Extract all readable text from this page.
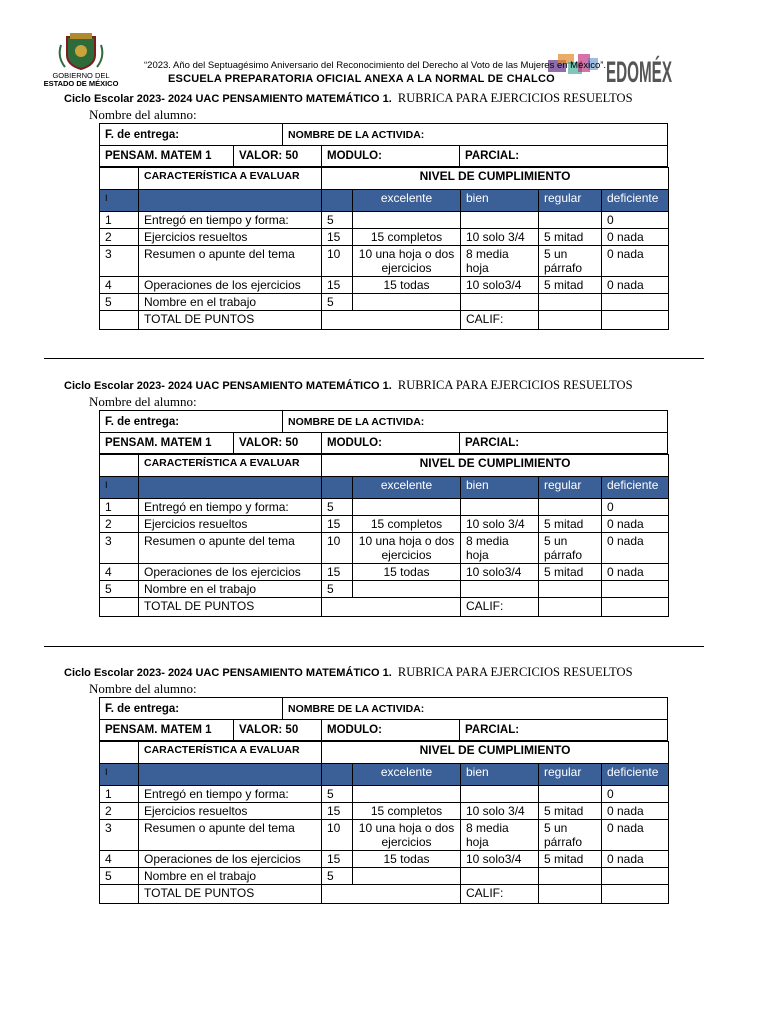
GOBIERNO DEL
ESTADO DE MÉXICO	EDOMÉX
“2023. Año del Septuagésimo Aniversario del Reconocimiento del Derecho al Voto de las Mujeres en México”.
ESCUELA PREPARATORIA OFICIAL ANEXA A LA NORMAL DE CHALCO
Ciclo Escolar 2023- 2024 UAC PENSAMIENTO MATEMÁTICO 1. RUBRICA PARA EJERCICIOS RESUELTOS
Nombre del alumno:
F. de entrega:	NOMBRE DE LA ACTIVIDA:
PENSAM. MATEM 1	VALOR: 50	MODULO:	PARCIAL:
	CARACTERÍSTICA A EVALUAR	NIVEL DE CUMPLIMIENTO				
I			excelente	bien	regular	deficiente
1	Entregó en tiempo y forma:	5				0
2	Ejercicios resueltos	15	15 completos	10 solo 3/4	5 mitad	0 nada
3	Resumen o apunte del tema	10	10 una hoja o dos ejercicios	8 media hoja	5 un párrafo	0 nada
4	Operaciones de los ejercicios	15	15 todas	10 solo3/4	5 mitad	0 nada
5	Nombre en el trabajo	5				
	TOTAL DE PUNTOS			CALIF:		
Ciclo Escolar 2023- 2024 UAC PENSAMIENTO MATEMÁTICO 1. RUBRICA PARA EJERCICIOS RESUELTOS
Nombre del alumno:
F. de entrega:	NOMBRE DE LA ACTIVIDA:
PENSAM. MATEM 1	VALOR: 50	MODULO:	PARCIAL:
	CARACTERÍSTICA A EVALUAR	NIVEL DE CUMPLIMIENTO				
I			excelente	bien	regular	deficiente
1	Entregó en tiempo y forma:	5				0
2	Ejercicios resueltos	15	15 completos	10 solo 3/4	5 mitad	0 nada
3	Resumen o apunte del tema	10	10 una hoja o dos ejercicios	8 media hoja	5 un párrafo	0 nada
4	Operaciones de los ejercicios	15	15 todas	10 solo3/4	5 mitad	0 nada
5	Nombre en el trabajo	5				
	TOTAL DE PUNTOS			CALIF:		
Ciclo Escolar 2023- 2024 UAC PENSAMIENTO MATEMÁTICO 1. RUBRICA PARA EJERCICIOS RESUELTOS
Nombre del alumno:
F. de entrega:	NOMBRE DE LA ACTIVIDA:
PENSAM. MATEM 1	VALOR: 50	MODULO:	PARCIAL:
	CARACTERÍSTICA A EVALUAR	NIVEL DE CUMPLIMIENTO				
I			excelente	bien	regular	deficiente
1	Entregó en tiempo y forma:	5				0
2	Ejercicios resueltos	15	15 completos	10 solo 3/4	5 mitad	0 nada
3	Resumen o apunte del tema	10	10 una hoja o dos ejercicios	8 media hoja	5 un párrafo	0 nada
4	Operaciones de los ejercicios	15	15 todas	10 solo3/4	5 mitad	0 nada
5	Nombre en el trabajo	5				
	TOTAL DE PUNTOS			CALIF:		
